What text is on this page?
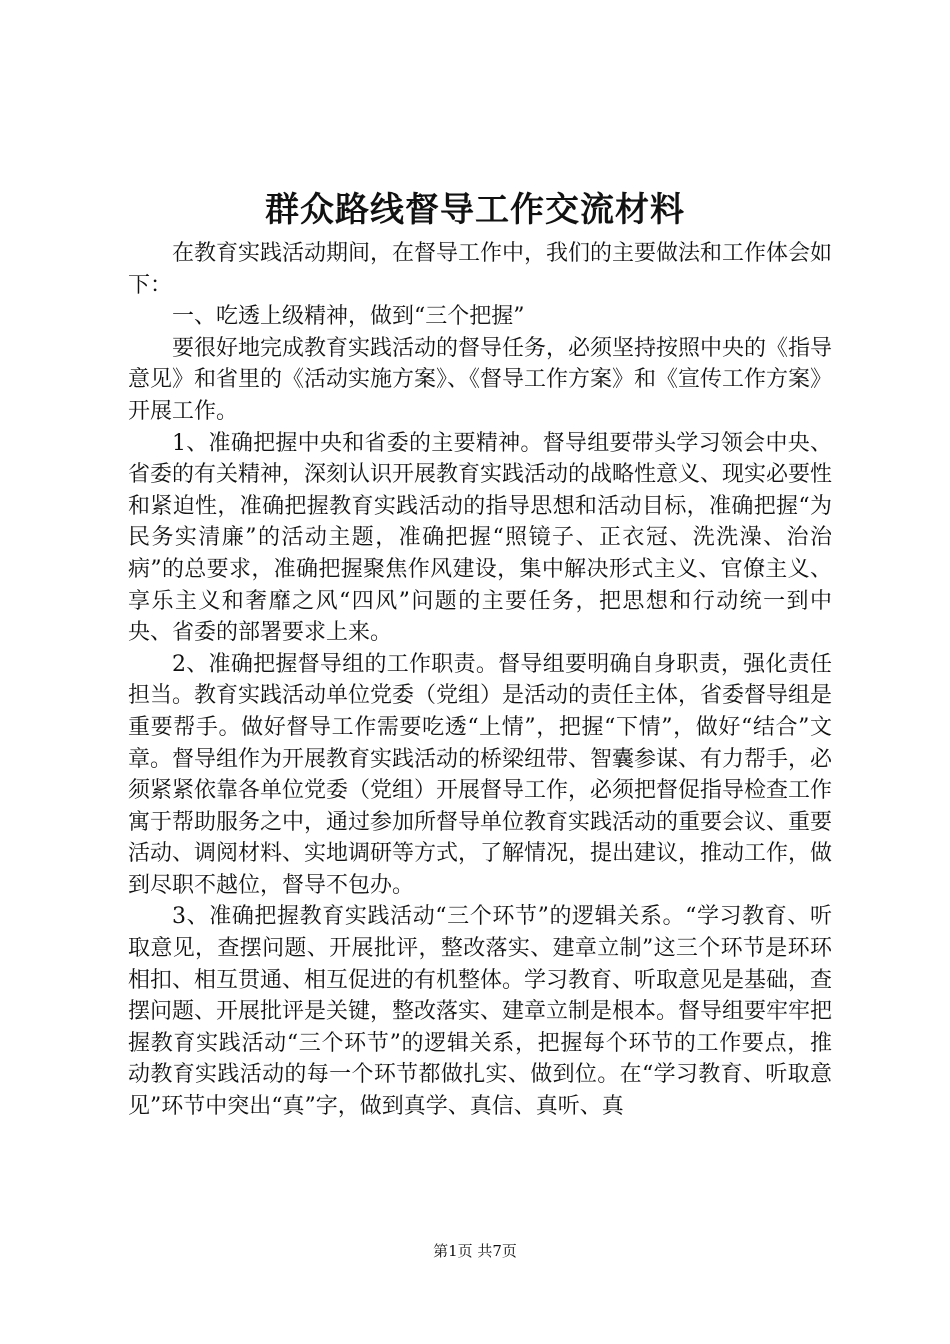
群众路线督导工作交流材料

在教育实践活动期间，在督导工作中，我们的主要做法和工作体会如下：

一、吃透上级精神，做到“三个把握”

要很好地完成教育实践活动的督导任务，必须坚持按照中央的《指导意见》和省里的《活动实施方案》、《督导工作方案》和《宣传工作方案》开展工作。

1、准确把握中央和省委的主要精神。督导组要带头学习领会中央、省委的有关精神，深刻认识开展教育实践活动的战略性意义、现实必要性和紧迫性，准确把握教育实践活动的指导思想和活动目标，准确把握“为民务实清廉”的活动主题，准确把握“照镜子、正衣冠、洗洗澡、治治病”的总要求，准确把握聚焦作风建设，集中解决形式主义、官僚主义、享乐主义和奢靡之风“四风”问题的主要任务，把思想和行动统一到中央、省委的部署要求上来。

2、准确把握督导组的工作职责。督导组要明确自身职责，强化责任担当。教育实践活动单位党委（党组）是活动的责任主体，省委督导组是重要帮手。做好督导工作需要吃透“上情”，把握“下情”，做好“结合”文章。督导组作为开展教育实践活动的桥梁纽带、智囊参谋、有力帮手，必须紧紧依靠各单位党委（党组）开展督导工作，必须把督促指导检查工作寓于帮助服务之中，通过参加所督导单位教育实践活动的重要会议、重要活动、调阅材料、实地调研等方式，了解情况，提出建议，推动工作，做到尽职不越位，督导不包办。

3、准确把握教育实践活动“三个环节”的逻辑关系。“学习教育、听取意见，查摆问题、开展批评，整改落实、建章立制”这三个环节是环环相扣、相互贯通、相互促进的有机整体。学习教育、听取意见是基础，查摆问题、开展批评是关键，整改落实、建章立制是根本。督导组要牢牢把握教育实践活动“三个环节”的逻辑关系，把握每个环节的工作要点，推动教育实践活动的每一个环节都做扎实、做到位。在“学习教育、听取意见”环节中突出“真”字，做到真学、真信、真听、真

第1页 共7页
